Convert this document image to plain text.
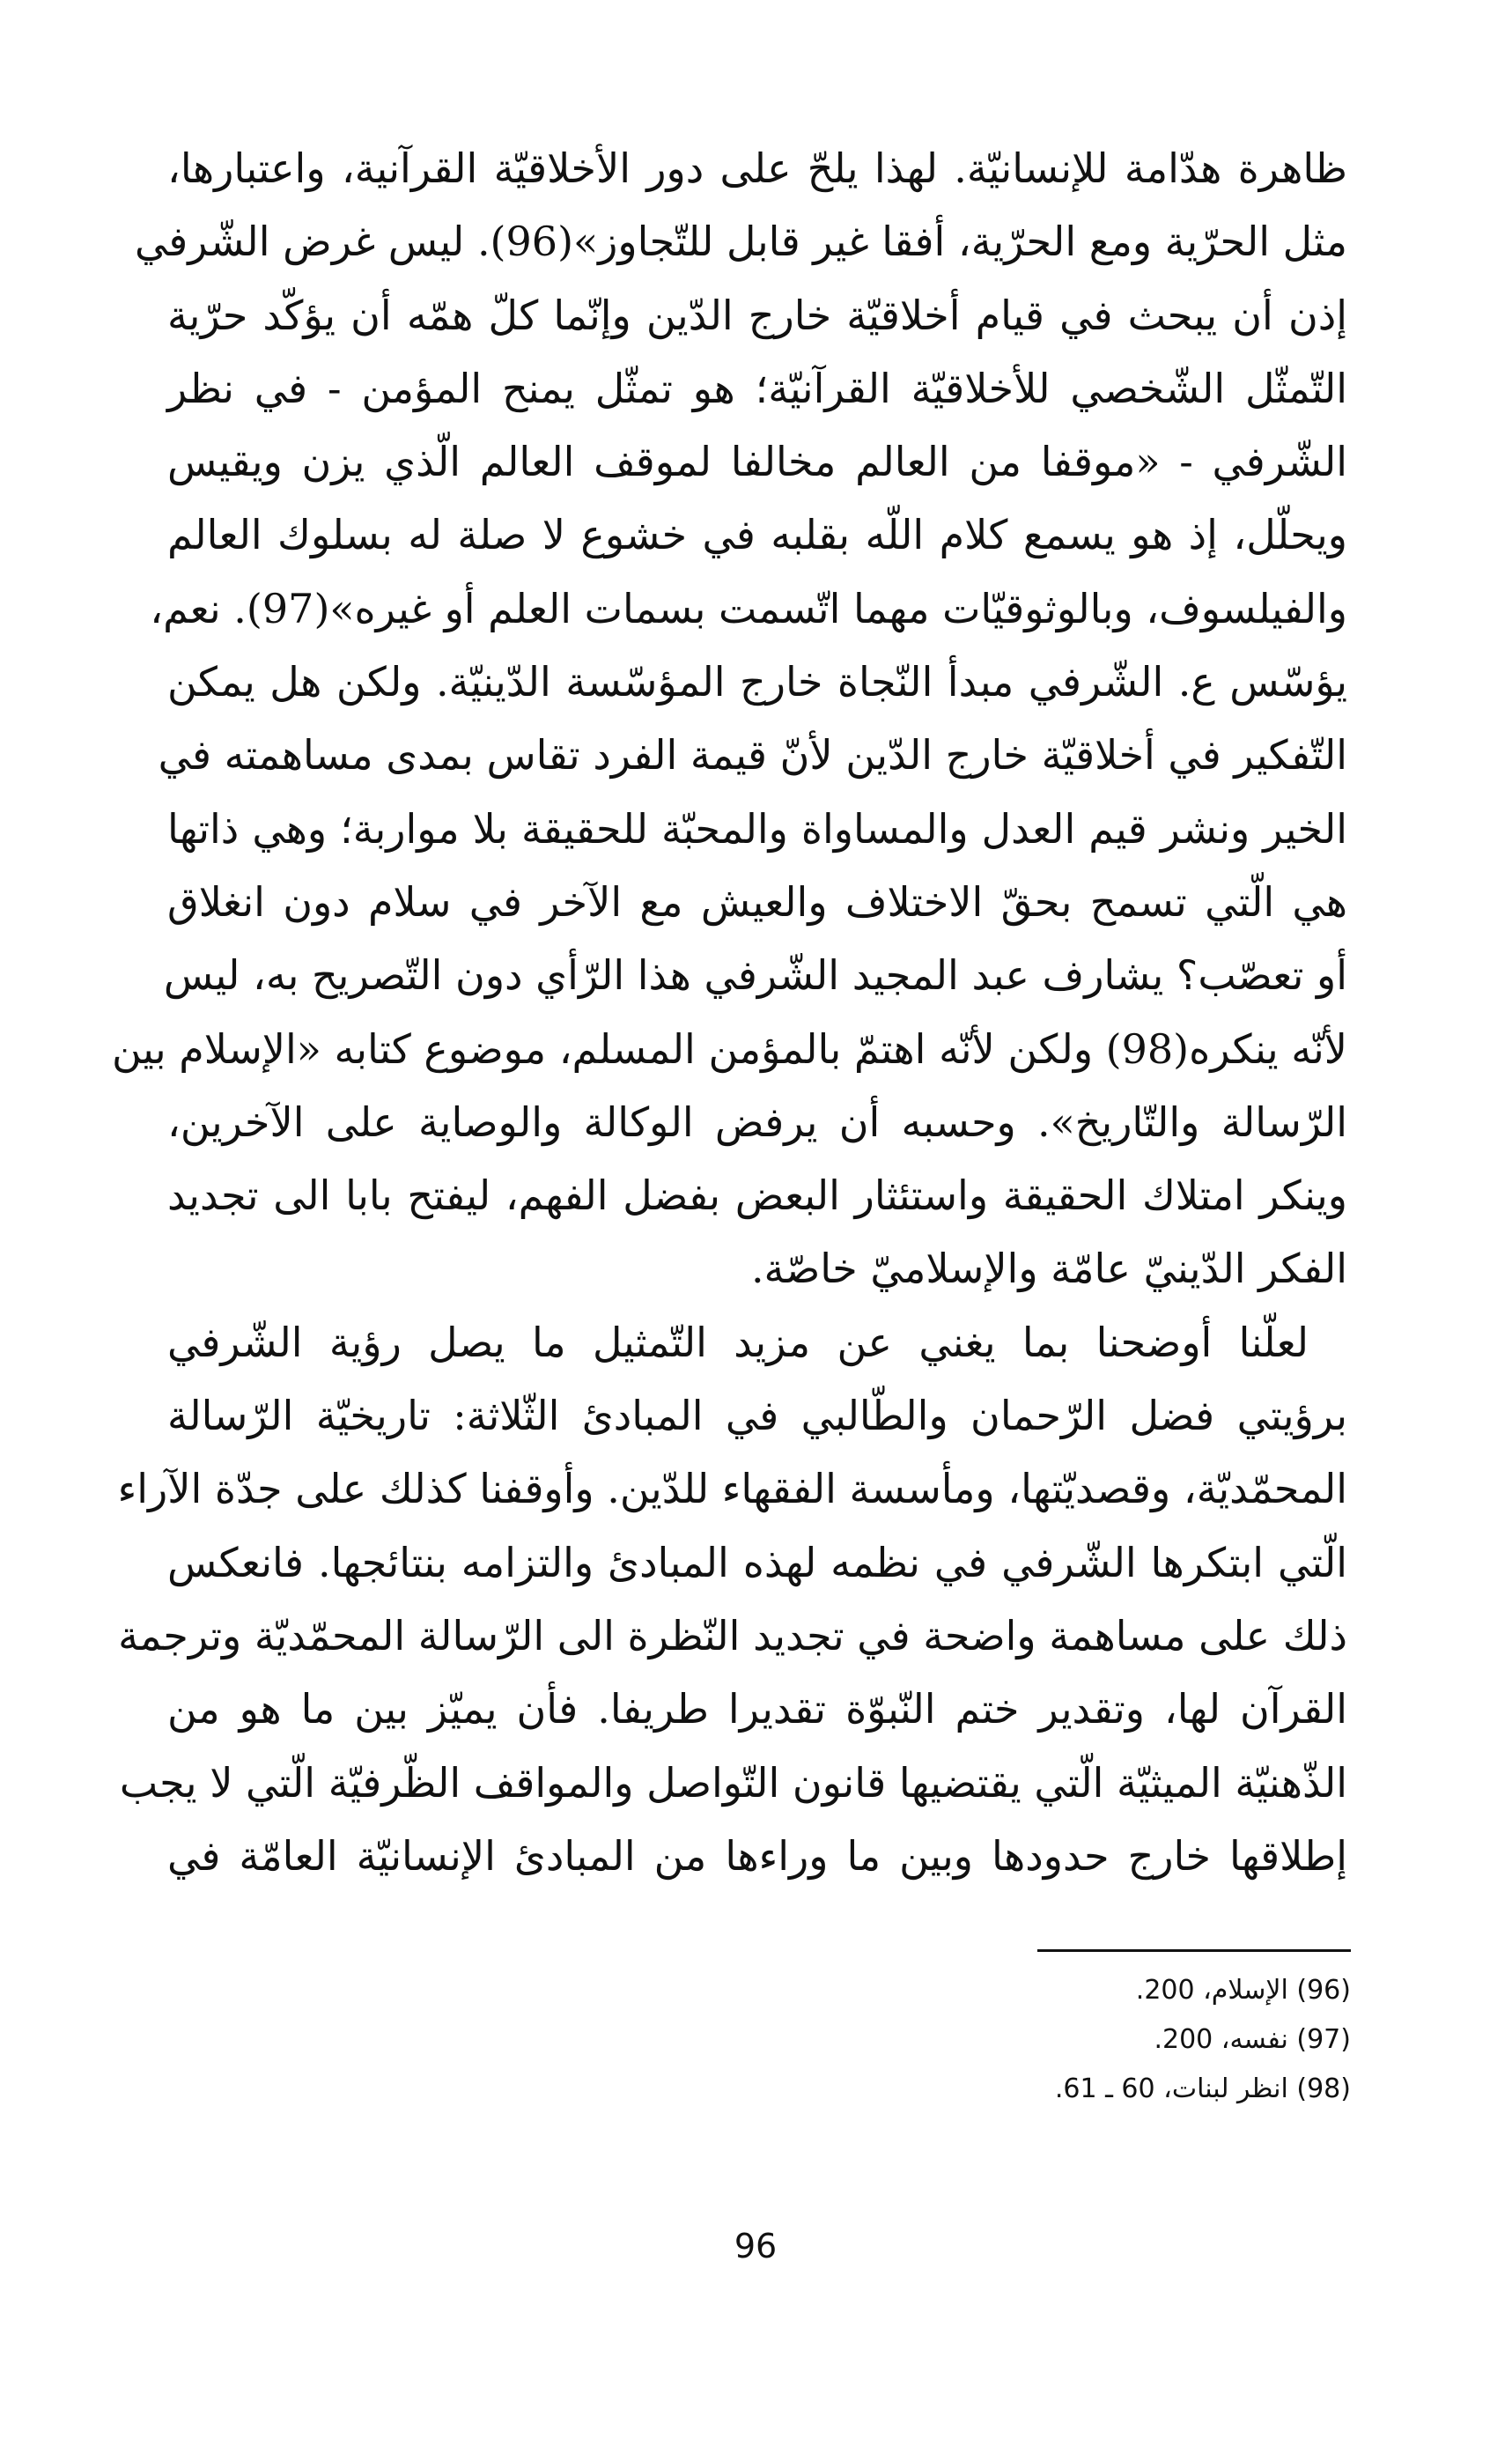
ظاهرة هدّامة للإنسانيّة. لهذا يلحّ على دور الأخلاقيّة القرآنية، واعتبارها،
مثل الحرّية ومع الحرّية، أفقا غير قابل للتّجاوز»(96). ليس غرض الشّرفي
إذن أن يبحث في قيام أخلاقيّة خارج الدّين وإنّما كلّ همّه أن يؤكّد حرّية
التّمثّل الشّخصي للأخلاقيّة القرآنيّة؛ هو تمثّل يمنح المؤمن - في نظر
الشّرفي - «موقفا من العالم مخالفا لموقف العالم الّذي يزن ويقيس
ويحلّل، إذ هو يسمع كلام اللّه بقلبه في خشوع لا صلة له بسلوك العالم
والفيلسوف، وبالوثوقيّات مهما اتّسمت بسمات العلم أو غيره»(97). نعم،
يؤسّس ع. الشّرفي مبدأ النّجاة خارج المؤسّسة الدّينيّة. ولكن هل يمكن
التّفكير في أخلاقيّة خارج الدّين لأنّ قيمة الفرد تقاس بمدى مساهمته في
الخير ونشر قيم العدل والمساواة والمحبّة للحقيقة بلا مواربة؛ وهي ذاتها
هي الّتي تسمح بحقّ الاختلاف والعيش مع الآخر في سلام دون انغلاق
أو تعصّب؟ يشارف عبد المجيد الشّرفي هذا الرّأي دون التّصريح به، ليس
لأنّه ينكره(98) ولكن لأنّه اهتمّ بالمؤمن المسلم، موضوع كتابه «الإسلام بين
الرّسالة والتّاريخ». وحسبه أن يرفض الوكالة والوصاية على الآخرين،
وينكر امتلاك الحقيقة واستئثار البعض بفضل الفهم، ليفتح بابا الى تجديد
الفكر الدّينيّ عامّة والإسلاميّ خاصّة.
لعلّنا أوضحنا بما يغني عن مزيد التّمثيل ما يصل رؤية الشّرفي
برؤيتي فضل الرّحمان والطّالبي في المبادئ الثّلاثة: تاريخيّة الرّسالة
المحمّديّة، وقصديّتها، ومأسسة الفقهاء للدّين. وأوقفنا كذلك على جدّة الآراء
الّتي ابتكرها الشّرفي في نظمه لهذه المبادئ والتزامه بنتائجها. فانعكس
ذلك على مساهمة واضحة في تجديد النّظرة الى الرّسالة المحمّديّة وترجمة
القرآن لها، وتقدير ختم النّبوّة تقديرا طريفا. فأن يميّز بين ما هو من
الذّهنيّة الميثيّة الّتي يقتضيها قانون التّواصل والمواقف الظّرفيّة الّتي لا يجب
إطلاقها خارج حدودها وبين ما وراءها من المبادئ الإنسانيّة العامّة في
(96) الإسلام، 200.
(97) نفسه، 200.
(98) انظر لبنات، 60 ـ 61.
96
